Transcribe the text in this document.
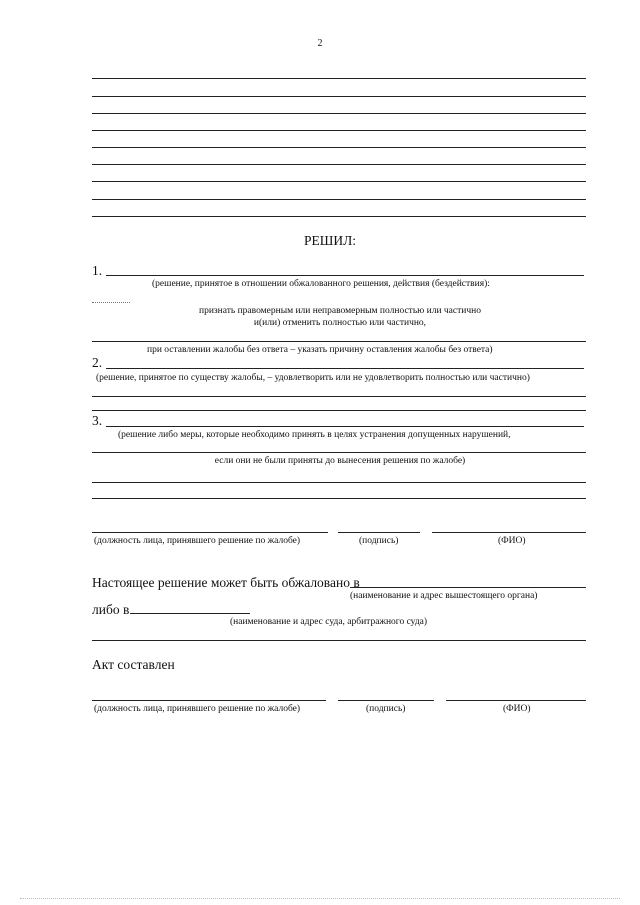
2
РЕШИЛ:
1.
(решение, принятое в отношении обжалованного решения, действия (бездействия):
признать правомерным или неправомерным полностью или частично
и(или) отменить полностью или частично,
при оставлении жалобы без ответа – указать причину оставления жалобы без ответа)
2.
(решение, принятое по существу жалобы, – удовлетворить или не удовлетворить полностью или частично)
3.
(решение либо меры, которые необходимо принять в целях устранения допущенных нарушений,
если они не были приняты до вынесения решения по жалобе)
(должность лица, принявшего решение по жалобе)	(подпись)	(ФИО)
Настоящее решение может быть обжаловано в
(наименование и адрес вышестоящего органа)
либо в
(наименование и адрес суда, арбитражного суда)
Акт составлен
(должность лица, принявшего решение по жалобе)	(подпись)	(ФИО)
